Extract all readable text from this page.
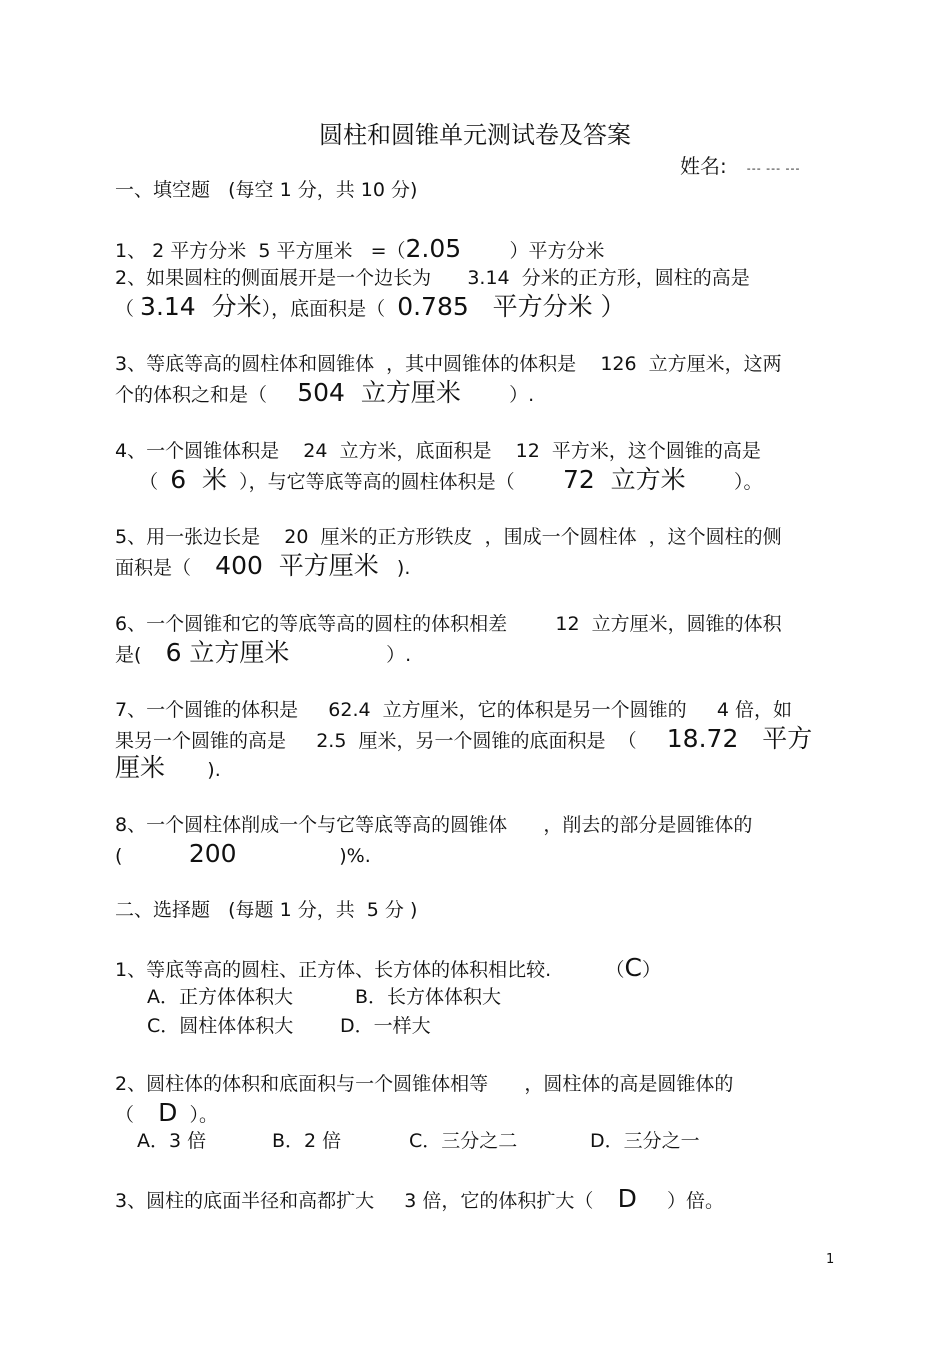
圆柱和圆锥单元测试卷及答案
姓名: --- --- ---
一、填空题   (每空 1 分，共 10 分)
1、 2 平方分米  5 平方厘米   =（2.05        ）平方分米
2、如果圆柱的侧面展开是一个边长为      3.14  分米的正方形，圆柱的高是
（ 3.14  分米），底面积是（  0.785   平方分米 ）
3、等底等高的圆柱体和圆锥体  ，其中圆锥体的体积是    126  立方厘米，这两
个的体积之和是（     504  立方厘米        ）.
4、一个圆锥体积是    24  立方米，底面积是    12  平方米，这个圆锥的高是
（  6  米  ），与它等底等高的圆柱体积是（        72  立方米        ）。
5、用一张边长是    20  厘米的正方形铁皮  ，围成一个圆柱体  ，这个圆柱的侧
面积是（    400  平方厘米   ).
6、一个圆锥和它的等底等高的圆柱的体积相差        12  立方厘米，圆锥的体积
是(    6 立方厘米                ）.
7、一个圆锥的体积是     62.4  立方厘米，它的体积是另一个圆锥的     4 倍，如
果另一个圆锥的高是     2.5  厘米，另一个圆锥的底面积是  （     18.72   平方
厘米       ).
8、一个圆柱体削成一个与它等底等高的圆锥体      ，削去的部分是圆锥体的
(           200                 )%.
二、选择题   (每题 1 分，共  5 分 )
1、等底等高的圆柱、正方体、长方体的体积相比较.         （C）
A．正方体体积大	B．长方体体积大
C．圆柱体体积大 D．一样大
2、圆柱体的体积和底面积与一个圆锥体相等      ，圆柱体的高是圆锥体的
（    D  ）。
A．3 倍	B．2 倍	C．三分之二	D．三分之一
3、圆柱的底面半径和高都扩大     3 倍，它的体积扩大（    D     ）倍。
1
